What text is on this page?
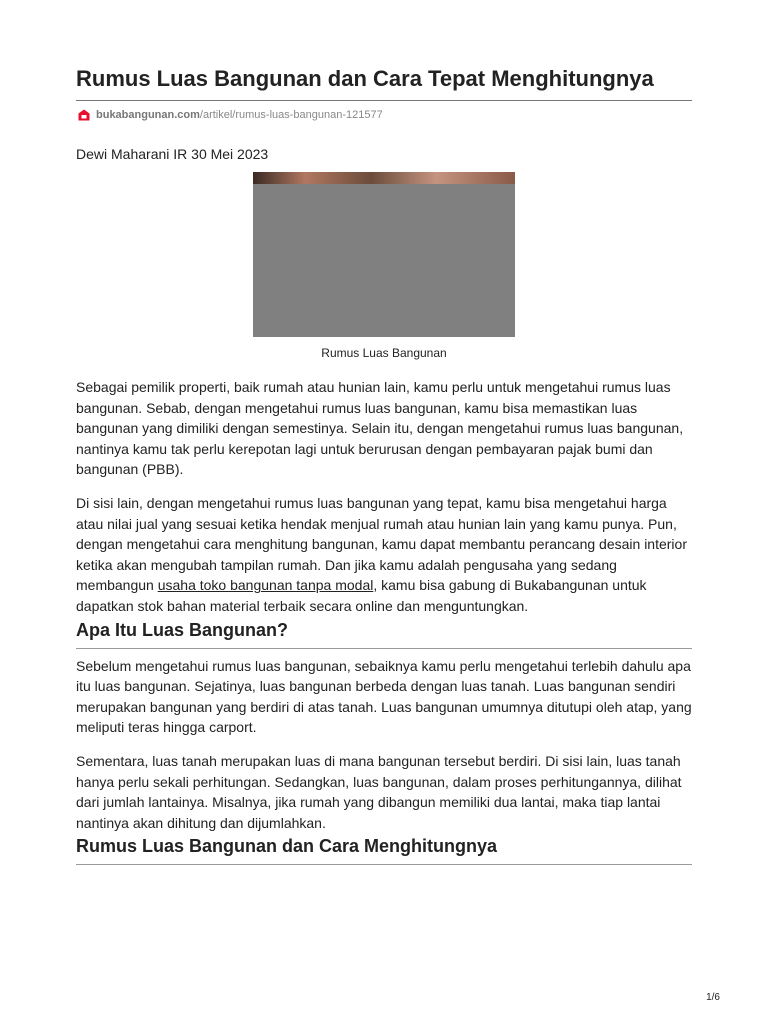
Rumus Luas Bangunan dan Cara Tepat Menghitungnya
bukabangunan.com /artikel/rumus-luas-bangunan-121577
Dewi Maharani IR 30 Mei 2023
Rumus Luas Bangunan

Sebagai pemilik properti, baik rumah atau hunian lain, kamu perlu untuk mengetahui rumus luas bangunan. Sebab, dengan mengetahui rumus luas bangunan, kamu bisa memastikan luas bangunan yang dimiliki dengan semestinya. Selain itu, dengan mengetahui rumus luas bangunan, nantinya kamu tak perlu kerepotan lagi untuk berurusan dengan pembayaran pajak bumi dan bangunan (PBB).

Di sisi lain, dengan mengetahui rumus luas bangunan yang tepat, kamu bisa mengetahui harga atau nilai jual yang sesuai ketika hendak menjual rumah atau hunian lain yang kamu punya. Pun, dengan mengetahui cara menghitung bangunan, kamu dapat membantu perancang desain interior ketika akan mengubah tampilan rumah. Dan jika kamu adalah pengusaha yang sedang membangun usaha toko bangunan tanpa modal, kamu bisa gabung di Bukabangunan untuk dapatkan stok bahan material terbaik secara online dan menguntungkan.

Apa Itu Luas Bangunan?

Sebelum mengetahui rumus luas bangunan, sebaiknya kamu perlu mengetahui terlebih dahulu apa itu luas bangunan. Sejatinya, luas bangunan berbeda dengan luas tanah. Luas bangunan sendiri merupakan bangunan yang berdiri di atas tanah. Luas bangunan umumnya ditutupi oleh atap, yang meliputi teras hingga carport.

Sementara, luas tanah merupakan luas di mana bangunan tersebut berdiri. Di sisi lain, luas tanah hanya perlu sekali perhitungan. Sedangkan, luas bangunan, dalam proses perhitungannya, dilihat dari jumlah lantainya. Misalnya, jika rumah yang dibangun memiliki dua lantai, maka tiap lantai nantinya akan dihitung dan dijumlahkan.

Rumus Luas Bangunan dan Cara Menghitungnya
1/6
